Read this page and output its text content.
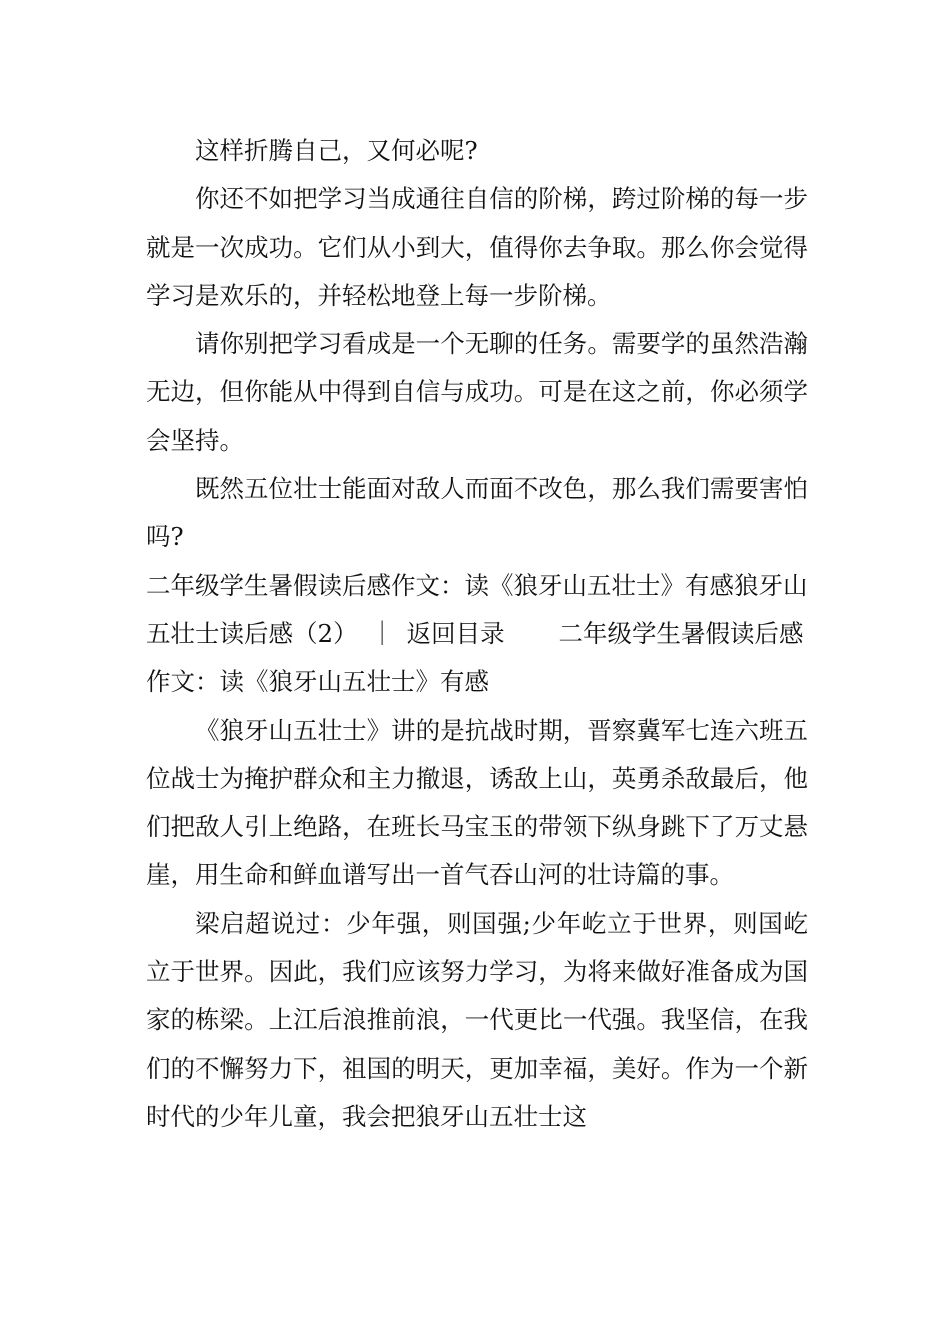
这样折腾自己，又何必呢?

你还不如把学习当成通往自信的阶梯，跨过阶梯的每一步就是一次成功。它们从小到大，值得你去争取。那么你会觉得学习是欢乐的，并轻松地登上每一步阶梯。

请你别把学习看成是一个无聊的任务。需要学的虽然浩瀚无边，但你能从中得到自信与成功。可是在这之前，你必须学会坚持。

既然五位壮士能面对敌人而面不改色，那么我们需要害怕吗?

二年级学生暑假读后感作文：读《狼牙山五壮士》有感狼牙山五壮士读后感（2） ｜ 返回目录 二年级学生暑假读后感作文：读《狼牙山五壮士》有感

《狼牙山五壮士》讲的是抗战时期，晋察冀军七连六班五位战士为掩护群众和主力撤退，诱敌上山，英勇杀敌最后，他们把敌人引上绝路，在班长马宝玉的带领下纵身跳下了万丈悬崖，用生命和鲜血谱写出一首气吞山河的壮诗篇的事。

梁启超说过：少年强，则国强;少年屹立于世界，则国屹立于世界。因此，我们应该努力学习，为将来做好准备成为国家的栋梁。上江后浪推前浪，一代更比一代强。我坚信，在我们的不懈努力下，祖国的明天，更加幸福，美好。作为一个新时代的少年儿童，我会把狼牙山五壮士这
